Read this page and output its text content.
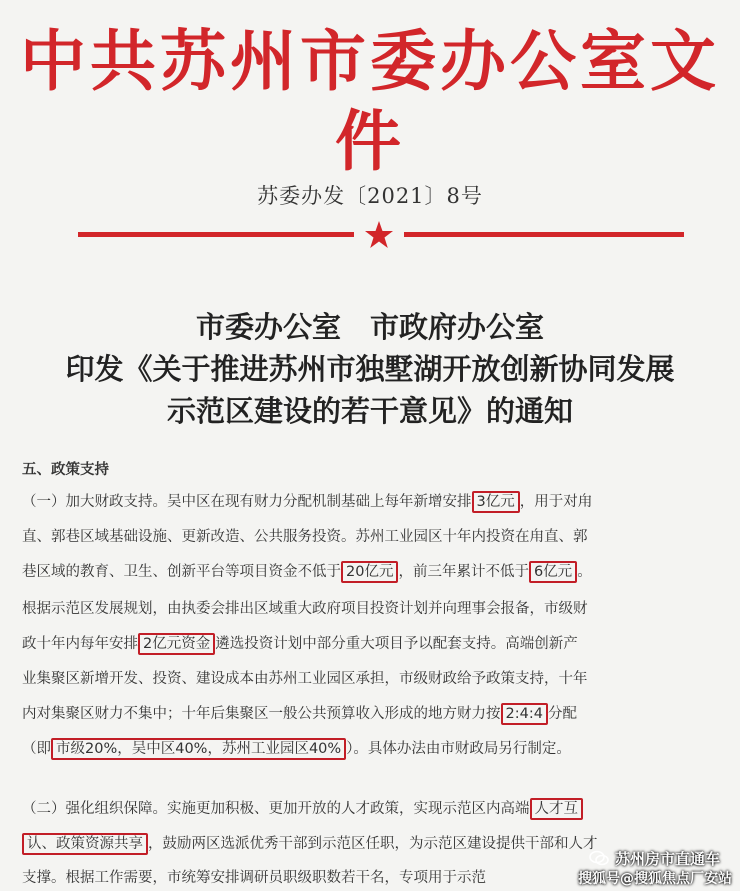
中共苏州市委办公室文件
苏委办发〔2021〕8号
市委办公室　市政府办公室
印发《关于推进苏州市独墅湖开放创新协同发展
示范区建设的若干意见》的通知
五、政策支持
（一）加大财政支持。吴中区在现有财力分配机制基础上每年新增安排 3亿元 ，用于对甪
直、郭巷区域基础设施、更新改造、公共服务投资。苏州工业园区十年内投资在甪直、郭
巷区域的教育、卫生、创新平台等项目资金不低于 20亿元 ，前三年累计不低于 6亿元 。
根据示范区发展规划，由执委会排出区域重大政府项目投资计划并向理事会报备，市级财
政十年内每年安排 2亿元资金 遴选投资计划中部分重大项目予以配套支持。高端创新产
业集聚区新增开发、投资、建设成本由苏州工业园区承担，市级财政给予政策支持，十年
内对集聚区财力不集中；十年后集聚区一般公共预算收入形成的地方财力按 2:4:4 分配
（即 市级20%，吴中区40%，苏州工业园区40% ）。具体办法由市财政局另行制定。
（二）强化组织保障。实施更加积极、更加开放的人才政策，实现示范区内高端 人才互
认、政策资源共享 ，鼓励两区选派优秀干部到示范区任职，为示范区建设提供干部和人才
支撑。根据工作需要，市统筹安排调研员职级职数若干名，专项用于示范
苏州房市直通车
搜狐号@搜狐焦点厂安站
